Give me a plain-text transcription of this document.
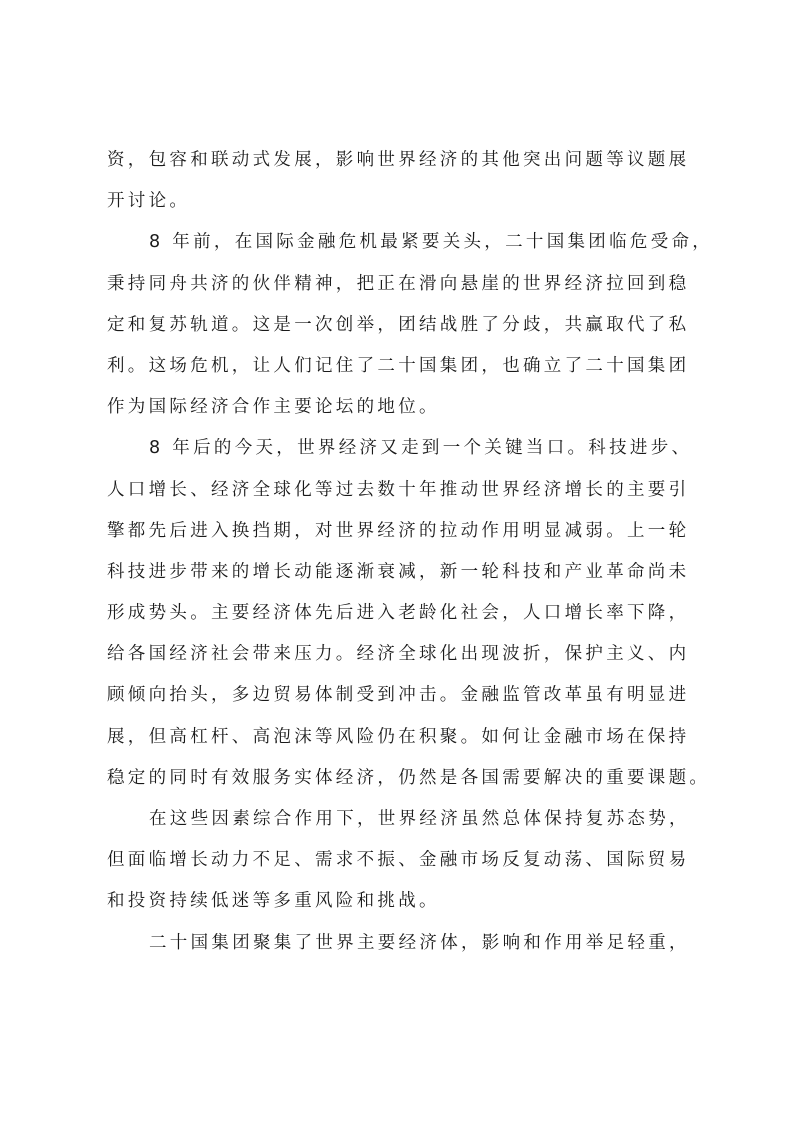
资，包容和联动式发展，影响世界经济的其他突出问题等议题展
开讨论。
8 年前，在国际金融危机最紧要关头，二十国集团临危受命，
秉持同舟共济的伙伴精神，把正在滑向悬崖的世界经济拉回到稳
定和复苏轨道。这是一次创举，团结战胜了分歧，共赢取代了私
利。这场危机，让人们记住了二十国集团，也确立了二十国集团
作为国际经济合作主要论坛的地位。
8 年后的今天，世界经济又走到一个关键当口。科技进步、
人口增长、经济全球化等过去数十年推动世界经济增长的主要引
擎都先后进入换挡期，对世界经济的拉动作用明显减弱。上一轮
科技进步带来的增长动能逐渐衰减，新一轮科技和产业革命尚未
形成势头。主要经济体先后进入老龄化社会，人口增长率下降，
给各国经济社会带来压力。经济全球化出现波折，保护主义、内
顾倾向抬头，多边贸易体制受到冲击。金融监管改革虽有明显进
展，但高杠杆、高泡沫等风险仍在积聚。如何让金融市场在保持
稳定的同时有效服务实体经济，仍然是各国需要解决的重要课题。
在这些因素综合作用下，世界经济虽然总体保持复苏态势，
但面临增长动力不足、需求不振、金融市场反复动荡、国际贸易
和投资持续低迷等多重风险和挑战。
二十国集团聚集了世界主要经济体，影响和作用举足轻重，
